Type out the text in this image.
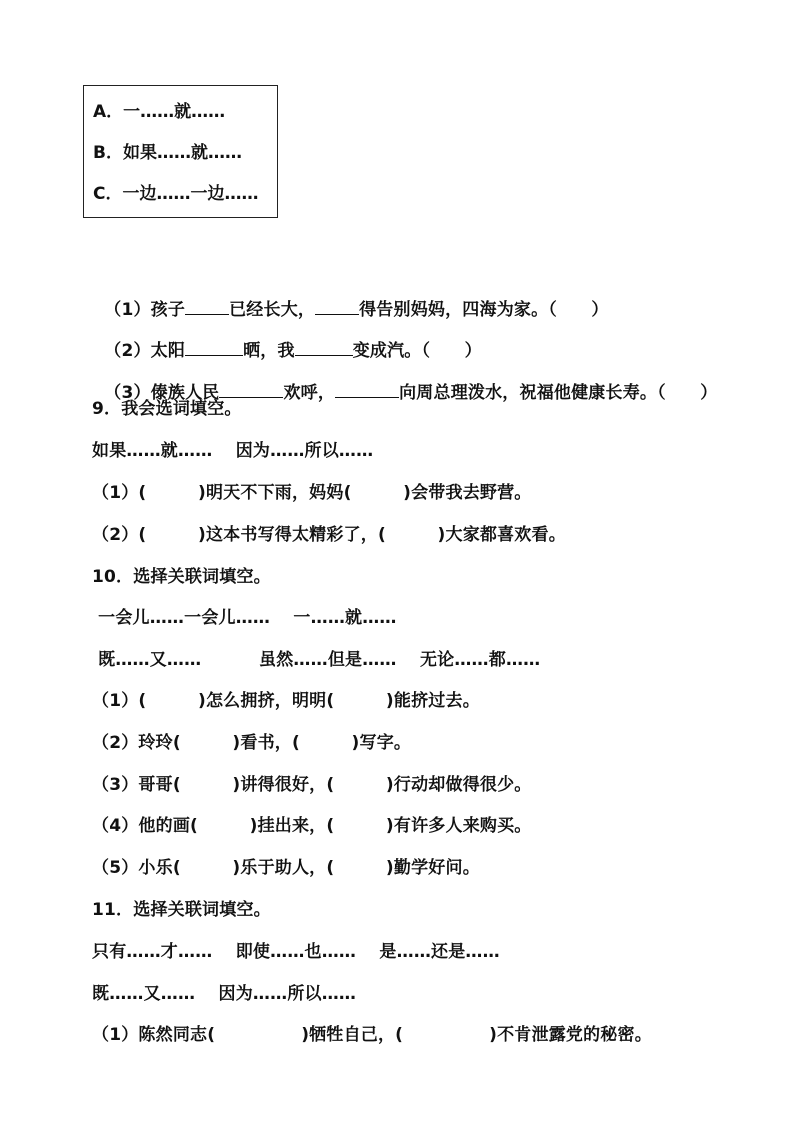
A．一……就……
B．如果……就……
C．一边……一边……

（1）孩子	已经长大，	得告别妈妈，四海为家。（　　）

（2）太阳	晒，我	变成汽。（　　）

（3）傣族人民	欢呼，	向周总理泼水，祝福他健康长寿。（　　）

9．我会选词填空。
如果……就……　 因为……所以……
（1）(　　　)明天不下雨，妈妈(　　　)会带我去野营。
（2）(　　　)这本书写得太精彩了，(　　　)大家都喜欢看。
10．选择关联词填空。
一会儿……一会儿……　 一……就……
既……又……　　　 虽然……但是……　 无论……都……
（1）(　　　)怎么拥挤，明明(　　　)能挤过去。
（2）玲玲(　　　)看书，(　　　)写字。
（3）哥哥(　　　)讲得很好，(　　　)行动却做得很少。
（4）他的画(　　　)挂出来，(　　　)有许多人来购买。
（5）小乐(　　　)乐于助人，(　　　)勤学好问。
11．选择关联词填空。
只有……才……　 即使……也……　 是……还是……
既……又……　 因为……所以……
（1）陈然同志(　　　　　)牺牲自己，(　　　　　)不肯泄露党的秘密。
